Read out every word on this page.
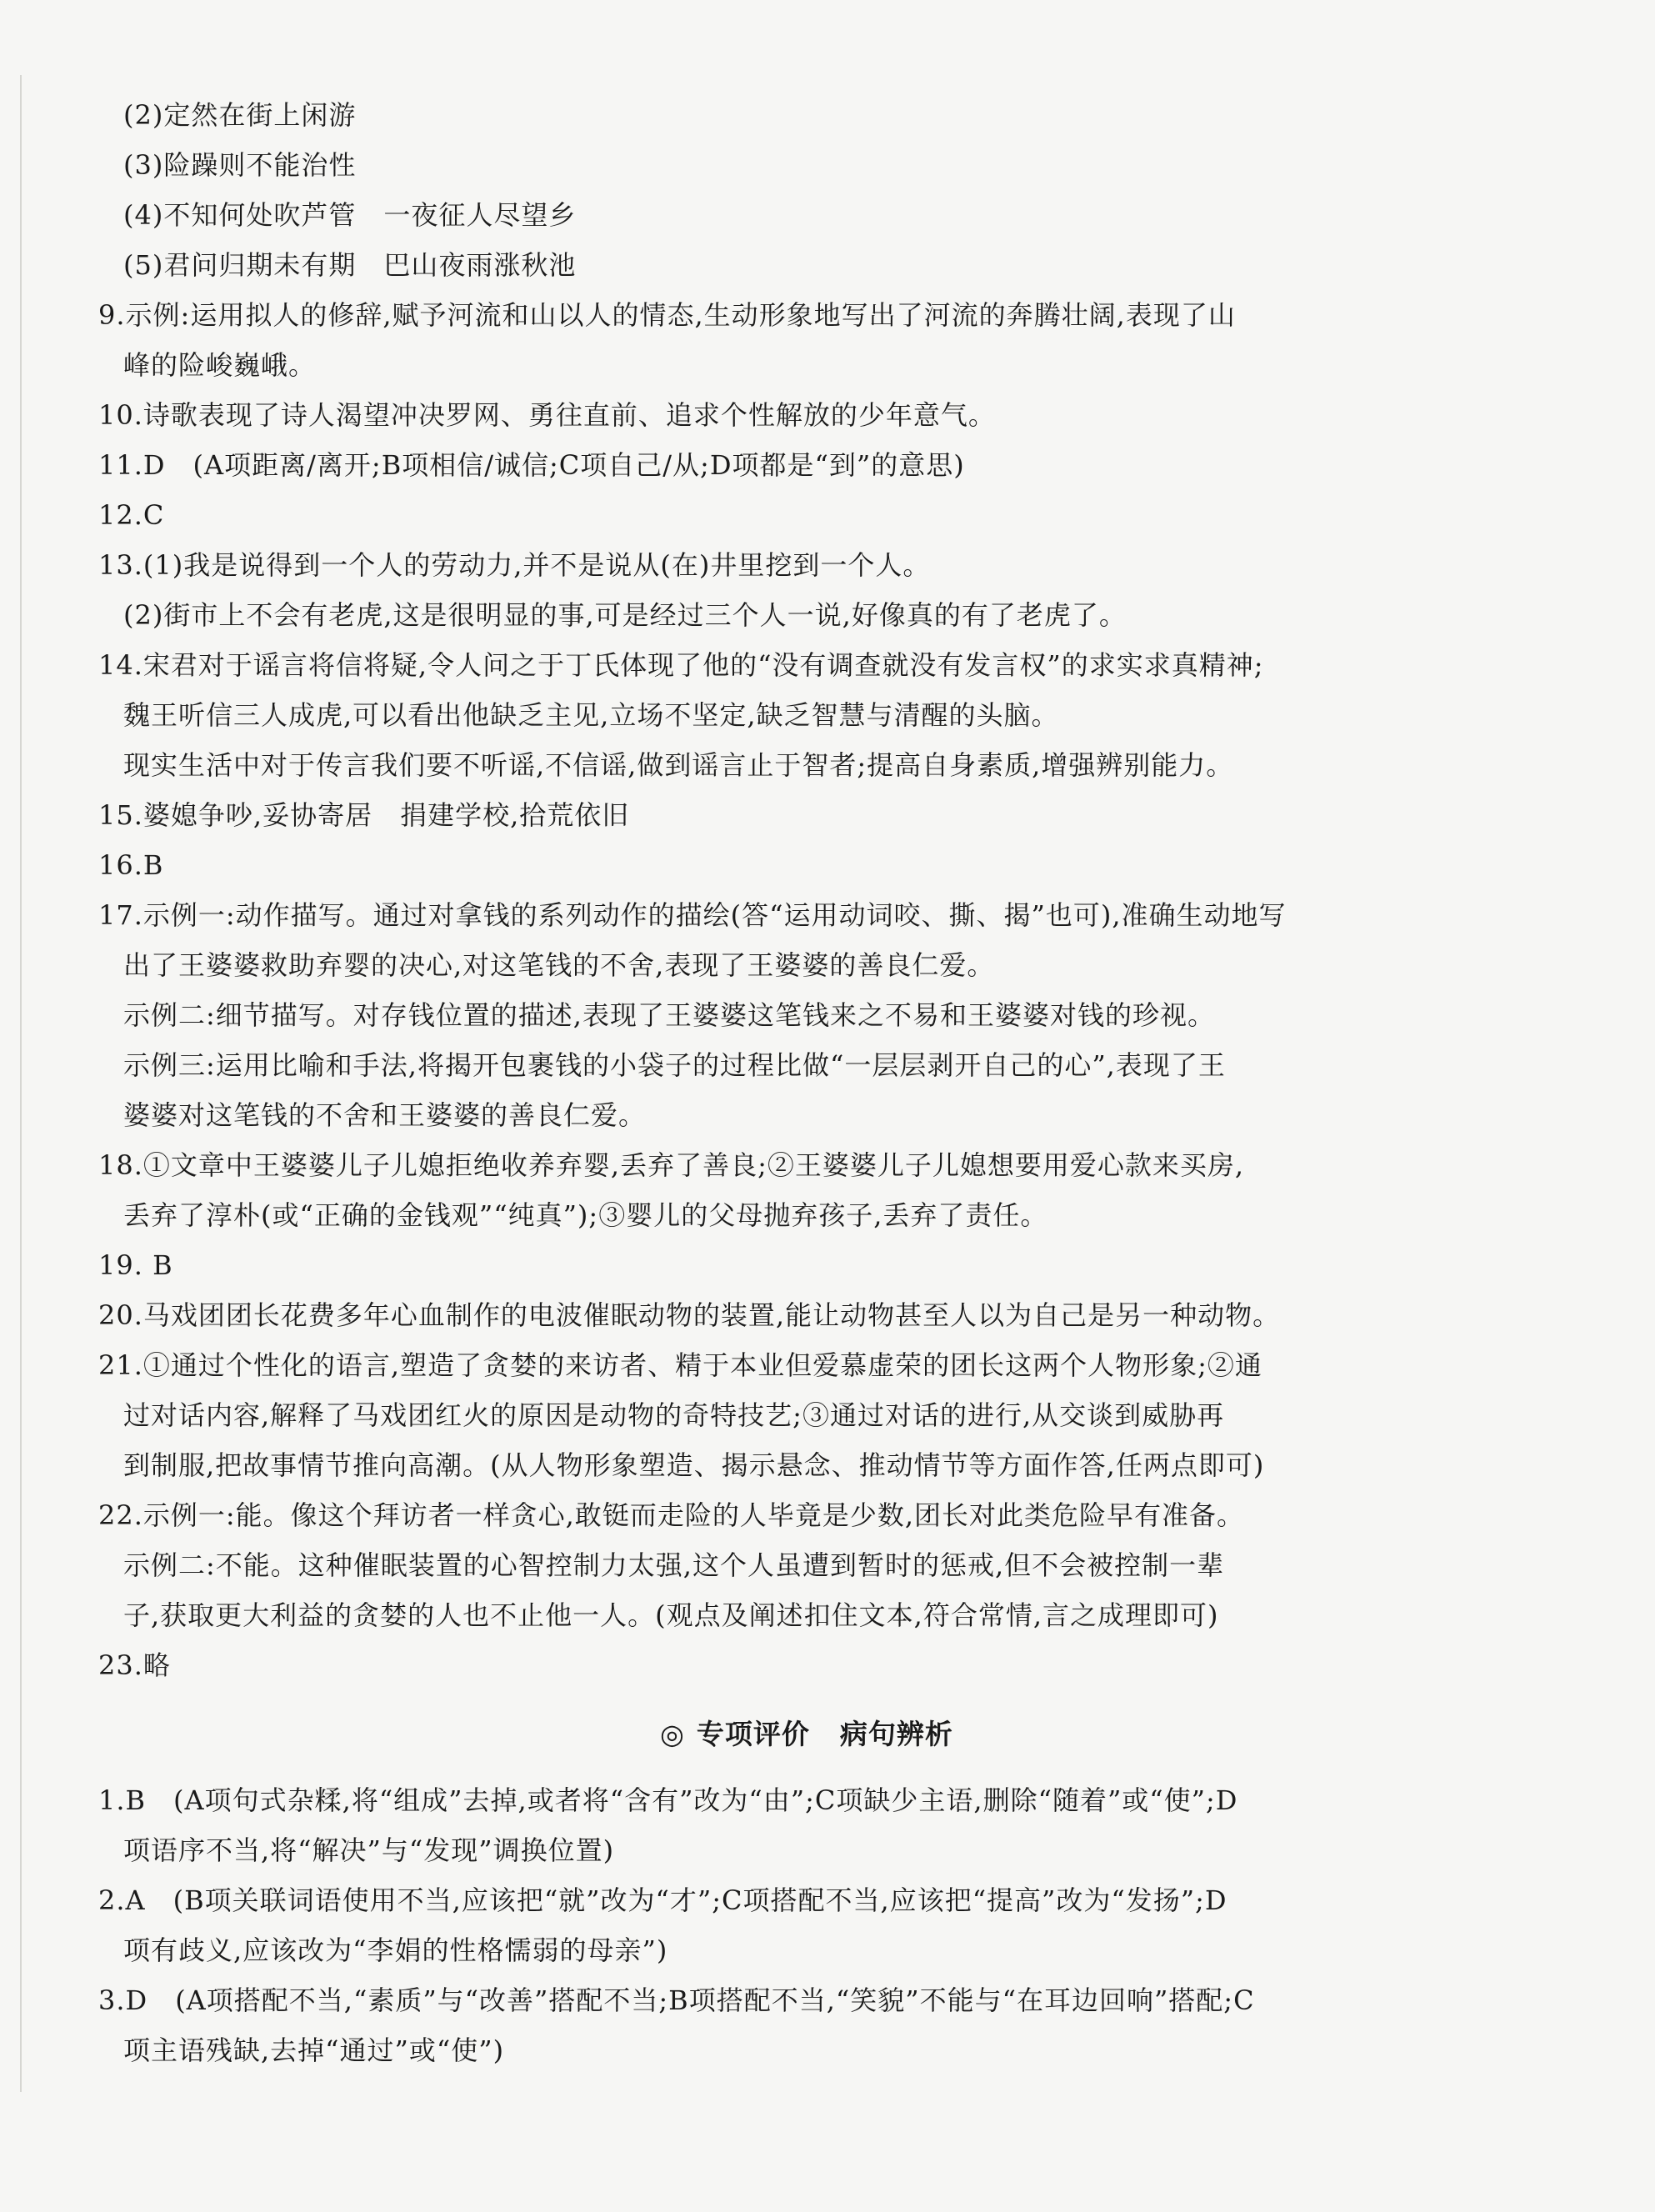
(2)定然在街上闲游
(3)险躁则不能治性
(4)不知何处吹芦管　一夜征人尽望乡
(5)君问归期未有期　巴山夜雨涨秋池
9.示例:运用拟人的修辞,赋予河流和山以人的情态,生动形象地写出了河流的奔腾壮阔,表现了山
峰的险峻巍峨。
10.诗歌表现了诗人渴望冲决罗网、勇往直前、追求个性解放的少年意气。
11.D　(A项距离/离开;B项相信/诚信;C项自己/从;D项都是“到”的意思)
12.C
13.(1)我是说得到一个人的劳动力,并不是说从(在)井里挖到一个人。
(2)街市上不会有老虎,这是很明显的事,可是经过三个人一说,好像真的有了老虎了。
14.宋君对于谣言将信将疑,令人问之于丁氏体现了他的“没有调查就没有发言权”的求实求真精神;
魏王听信三人成虎,可以看出他缺乏主见,立场不坚定,缺乏智慧与清醒的头脑。
现实生活中对于传言我们要不听谣,不信谣,做到谣言止于智者;提高自身素质,增强辨别能力。
15.婆媳争吵,妥协寄居　捐建学校,拾荒依旧
16.B
17.示例一:动作描写。通过对拿钱的系列动作的描绘(答“运用动词咬、撕、揭”也可),准确生动地写
出了王婆婆救助弃婴的决心,对这笔钱的不舍,表现了王婆婆的善良仁爱。
示例二:细节描写。对存钱位置的描述,表现了王婆婆这笔钱来之不易和王婆婆对钱的珍视。
示例三:运用比喻和手法,将揭开包裹钱的小袋子的过程比做“一层层剥开自己的心”,表现了王
婆婆对这笔钱的不舍和王婆婆的善良仁爱。
18.①文章中王婆婆儿子儿媳拒绝收养弃婴,丢弃了善良;②王婆婆儿子儿媳想要用爱心款来买房,
丢弃了淳朴(或“正确的金钱观”“纯真”);③婴儿的父母抛弃孩子,丢弃了责任。
19. B
20.马戏团团长花费多年心血制作的电波催眠动物的装置,能让动物甚至人以为自己是另一种动物。
21.①通过个性化的语言,塑造了贪婪的来访者、精于本业但爱慕虚荣的团长这两个人物形象;②通
过对话内容,解释了马戏团红火的原因是动物的奇特技艺;③通过对话的进行,从交谈到威胁再
到制服,把故事情节推向高潮。(从人物形象塑造、揭示悬念、推动情节等方面作答,任两点即可)
22.示例一:能。像这个拜访者一样贪心,敢铤而走险的人毕竟是少数,团长对此类危险早有准备。
示例二:不能。这种催眠装置的心智控制力太强,这个人虽遭到暂时的惩戒,但不会被控制一辈
子,获取更大利益的贪婪的人也不止他一人。(观点及阐述扣住文本,符合常情,言之成理即可)
23.略
◎ 专项评价 病句辨析
1.B　(A项句式杂糅,将“组成”去掉,或者将“含有”改为“由”;C项缺少主语,删除“随着”或“使”;D
项语序不当,将“解决”与“发现”调换位置)
2.A　(B项关联词语使用不当,应该把“就”改为“才”;C项搭配不当,应该把“提高”改为“发扬”;D
项有歧义,应该改为“李娟的性格懦弱的母亲”)
3.D　(A项搭配不当,“素质”与“改善”搭配不当;B项搭配不当,“笑貌”不能与“在耳边回响”搭配;C
项主语残缺,去掉“通过”或“使”)
